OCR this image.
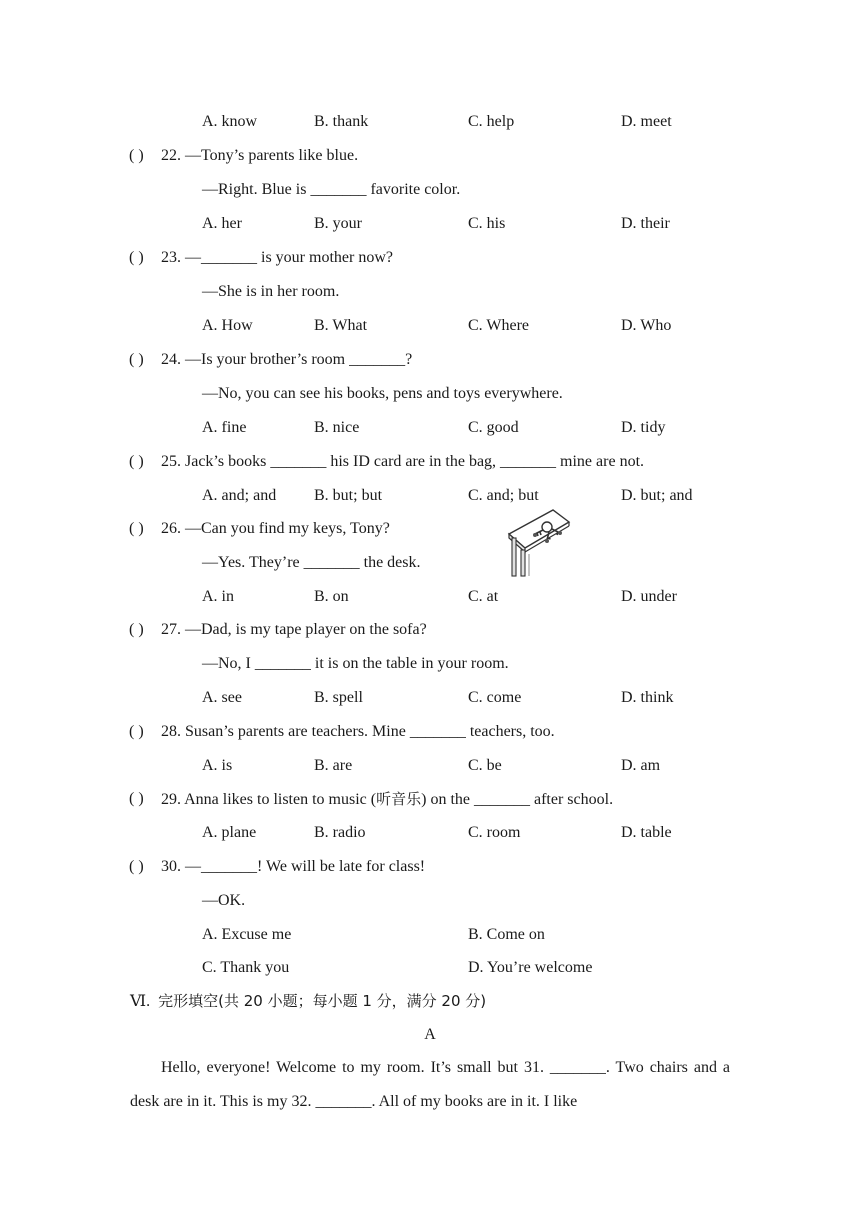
A. know	B. thank	C. help	D. meet
( ) 22. —Tony’s parents like blue.
—Right. Blue is _______ favorite color.
A. her	B. your	C. his	D. their
( ) 23. —_______ is your mother now?
—She is in her room.
A. How	B. What	C. Where	D. Who
( ) 24. —Is your brother’s room _______?
—No, you can see his books, pens and toys everywhere.
A. fine	B. nice	C. good	D. tidy
( ) 25. Jack’s books _______ his ID card are in the bag, _______ mine are not.
A. and; and B. but; but	C. and; but	D. but; and
( ) 26. —Can you find my keys, Tony?
—Yes. They’re _______ the desk.
A. in	B. on	C. at	D. under
( ) 27. —Dad, is my tape player on the sofa?
—No, I _______ it is on the table in your room.
A. see	B. spell	C. come	D. think
( ) 28. Susan’s parents are teachers. Mine _______ teachers, too.
A. is	B. are	C. be	D. am
( ) 29. Anna likes to listen to music (听音乐) on the _______ after school.
A. plane	B. radio	C. room	D. table
( ) 30. —_______! We will be late for class!
—OK.
A. Excuse me	B. Come on
C. Thank you	D. You’re welcome
Ⅵ. 完形填空(共 20 小题；每小题 1 分，满分 20 分)
A

Hello, everyone! Welcome to my room. It’s small but 31. _______. Two chairs and a desk are in it. This is my 32. _______. All of my books are in it. I like
